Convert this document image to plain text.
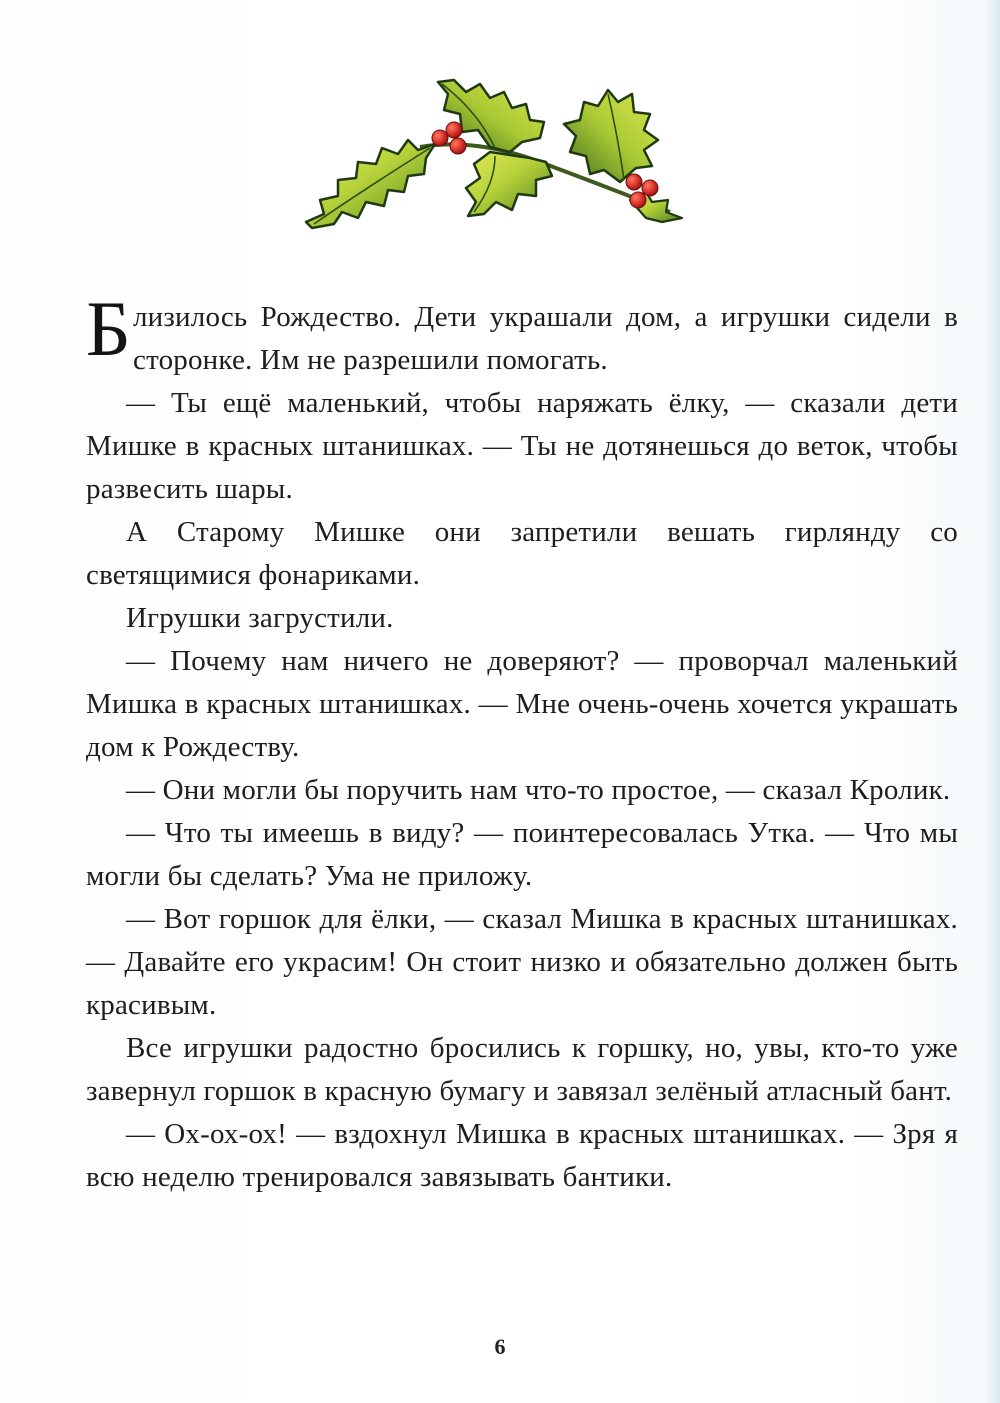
Близилось Рождество. Дети украшали дом, а игрушки сидели в сторонке. Им не разрешили помогать.

— Ты ещё маленький, чтобы наряжать ёлку, — сказали дети Мишке в красных штанишках. — Ты не дотянешься до веток, чтобы развесить шары.

А Старому Мишке они запретили вешать гирлянду со светящимися фонариками.

Игрушки загрустили.

— Почему нам ничего не доверяют? — проворчал маленький Мишка в красных штанишках. — Мне очень-очень хочется украшать дом к Рождеству.

— Они могли бы поручить нам что-то простое, — сказал Кролик.

— Что ты имеешь в виду? — поинтересовалась Утка. — Что мы могли бы сделать? Ума не приложу.

— Вот горшок для ёлки, — сказал Мишка в красных штанишках. — Давайте его украсим! Он стоит низко и обязательно должен быть красивым.

Все игрушки радостно бросились к горшку, но, увы, кто-то уже завернул горшок в красную бумагу и завязал зелёный атласный бант.

— Ох-ох-ох! — вздохнул Мишка в красных штанишках. — Зря я всю неделю тренировался завязывать бантики.

6
